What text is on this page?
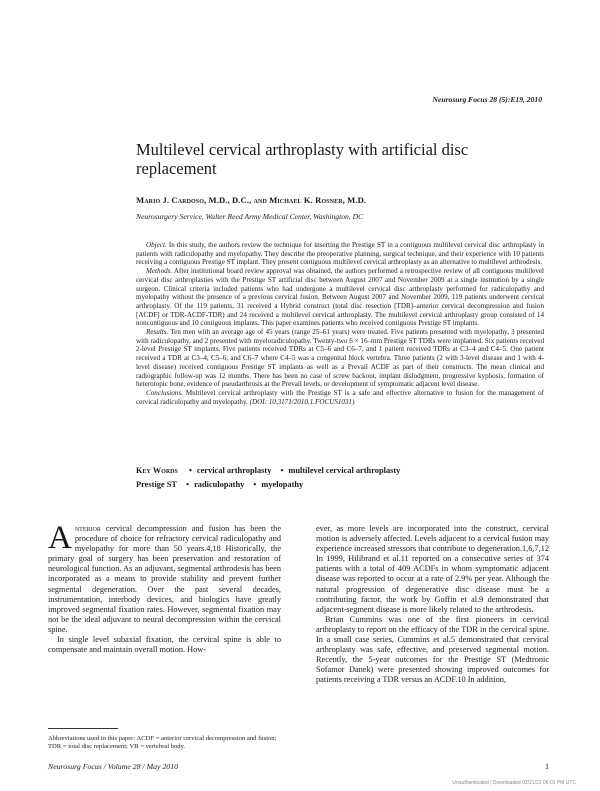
Neurosurg Focus 28 (5):E19, 2010
Multilevel cervical arthroplasty with artificial disc replacement
Mario J. Cardoso, M.D., D.C., and Michael K. Rosner, M.D.
Neurosurgery Service, Walter Reed Army Medical Center, Washington, DC

Object. In this study, the authors review the technique for inserting the Prestige ST in a contiguous multilevel cervical disc arthroplasty in patients with radiculopathy and myelopathy. They describe the preoperative planning, surgical technique, and their experience with 10 patients receiving a contiguous Prestige ST implant. They present contiguous multilevel cervical arthroplasty as an alternative to multilevel arthrodesis.

Methods. After institutional board review approval was obtained, the authors performed a retrospective review of all contiguous multilevel cervical disc arthroplasties with the Prestige ST artificial disc between August 2007 and November 2009 at a single institution by a single surgeon. Clinical criteria included patients who had undergone a multilevel cervical disc arthroplasty performed for radiculopathy and myelopathy without the presence of a previous cervical fusion. Between August 2007 and November 2009, 119 patients underwent cervical arthroplasty. Of the 119 patients, 31 received a Hybrid construct (total disc resection [TDR]–anterior cervical decompression and fusion [ACDF] or TDR-ACDF-TDR) and 24 received a multilevel cervical arthroplasty. The multilevel cervical arthroplasty group consisted of 14 noncontiguous and 10 contiguous implants. This paper examines patients who received contiguous Prestige ST implants.

Results. Ten men with an average age of 45 years (range 25–61 years) were treated. Five patients presented with myelopathy, 3 presented with radiculopathy, and 2 presented with myeloradiculopathy. Twenty-two 6 × 16–mm Prestige ST TDRs were implanted. Six patients received 2-level Prestige ST implants. Five patients received TDRs at C5–6 and C6–7, and 1 patient received TDRs at C3–4 and C4–5. One patient received a TDR at C3–4, C5–6, and C6–7 where C4–5 was a congenital block vertebra. Three patients (2 with 3-level disease and 1 with 4-level disease) received contiguous Prestige ST implants as well as a Prevail ACDF as part of their constructs. The mean clinical and radiographic follow-up was 12 months. There has been no case of screw backout, implant dislodgment, progressive kyphosis, formation of heterotopic bone, evidence of pseudarthrosis at the Prevail levels, or development of symptomatic adjacent level disease.

Conclusions. Multilevel cervical arthroplasty with the Prestige ST is a safe and effective alternative to fusion for the management of cervical radiculopathy and myelopathy. (DOI: 10.3171/2010.1.FOCUS1031)

Key Words • cervical arthroplasty • multilevel cervical arthroplasty
Prestige ST • radiculopathy • myelopathy

Anterior cervical decompression and fusion has been the procedure of choice for refractory cervical radiculopathy and myelopathy for more than 50 years.4,18 Historically, the primary goal of surgery has been preservation and restoration of neurological function. As an adjuvant, segmental arthrodesis has been incorporated as a means to provide stability and prevent further segmental degeneration. Over the past several decades, instrumentation, interbody devices, and biologics have greatly improved segmental fixation rates. However, segmental fixation may not be the ideal adjuvant to neural decompression within the cervical spine.

In single level subaxial fixation, the cervical spine is able to compensate and maintain overall motion. How-

ever, as more levels are incorporated into the construct, cervical motion is adversely affected. Levels adjacent to a cervical fusion may experience increased stressors that contribute to degeneration.1,6,7,12 In 1999, Hilibrand et al.11 reported on a consecutive series of 374 patients with a total of 409 ACDFs in whom symptomatic adjacent disease was reported to occur at a rate of 2.9% per year. Although the natural progression of degenerative disc disease must be a contributing factor, the work by Goffin et al.9 demonstrated that adjacent-segment disease is more likely related to the arthrodesis.

Brian Cummins was one of the first pioneers in cervical arthroplasty to report on the efficacy of the TDR in the cervical spine. In a small case series, Cummins et al.5 demonstrated that cervical arthroplasty was safe, effective, and preserved segmental motion. Recently, the 5-year outcomes for the Prestige ST (Medtronic Sofamor Danek) were presented showing improved outcomes for patients receiving a TDR versus an ACDF.10 In addition,

Abbreviations used in this paper: ACDF = anterior cervical decompression and fusion; TDR = total disc replacement; VB = vertebral body.
Neurosurg Focus / Volume 28 / May 2010	1
Unauthenticated | Downloaded 02/21/22 06:01 PM UTC
